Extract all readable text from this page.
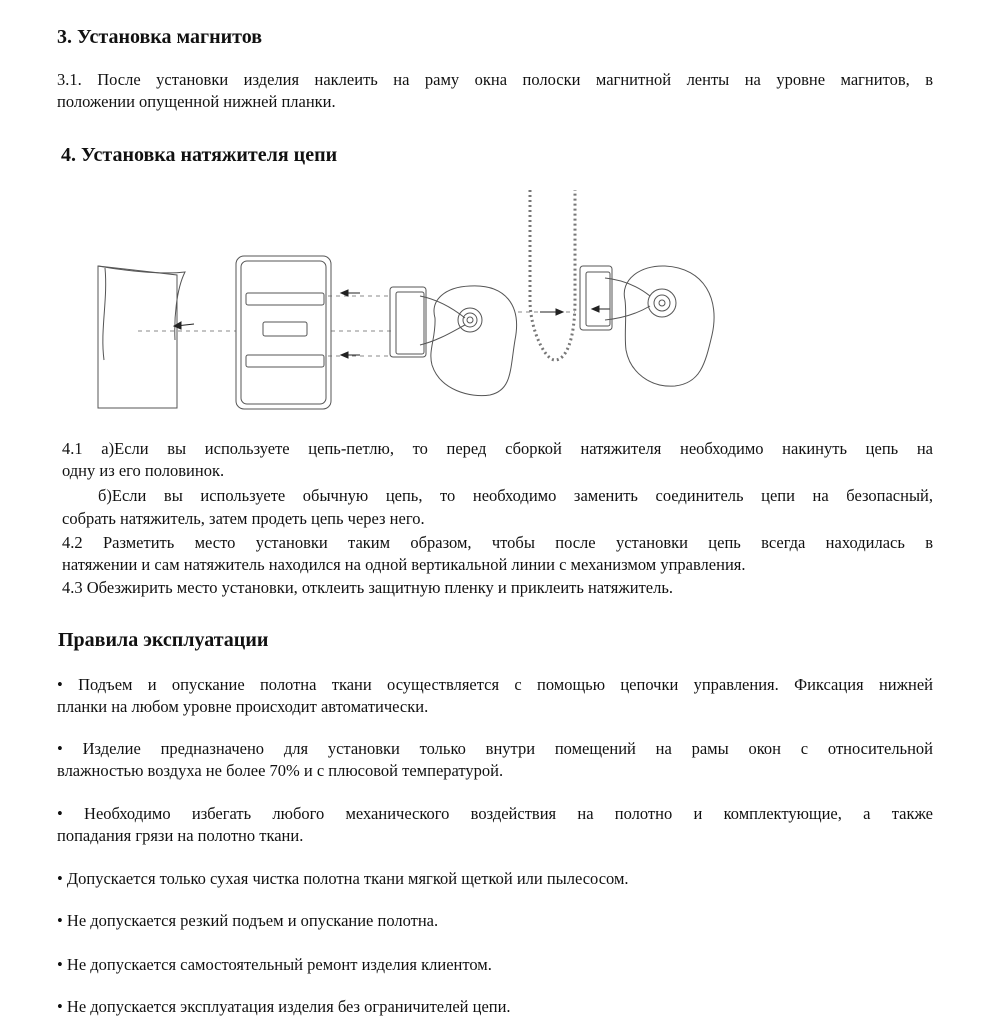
3. Установка магнитов
3.1. После установки изделия наклеить на раму окна полоски магнитной ленты на уровне магнитов, в
положении опущенной нижней планки.
4. Установка натяжителя цепи
4.1 а)Если вы используете цепь-петлю, то перед сборкой натяжителя необходимо накинуть цепь на
одну из его половинок.
б)Если вы используете обычную цепь, то необходимо заменить соединитель цепи на безопасный,
собрать натяжитель, затем продеть цепь через него.
4.2 Разметить место установки таким образом, чтобы после установки цепь всегда находилась в
натяжении и сам натяжитель находился на одной вертикальной линии с механизмом управления.
4.3 Обезжирить место установки, отклеить защитную пленку и приклеить натяжитель.
Правила эксплуатации
• Подъем и опускание полотна ткани осуществляется с помощью цепочки управления. Фиксация нижней
планки на любом уровне происходит автоматически.
• Изделие предназначено для установки только внутри помещений на рамы окон с относительной
влажностью воздуха не более 70% и с плюсовой температурой.
• Необходимо избегать любого механического воздействия на полотно и комплектующие, а также
попадания грязи на полотно ткани.
• Допускается только сухая чистка полотна ткани мягкой щеткой или пылесосом.
• Не допускается резкий подъем и опускание полотна.
• Не допускается самостоятельный ремонт изделия клиентом.
• Не допускается эксплуатация изделия без ограничителей цепи.
